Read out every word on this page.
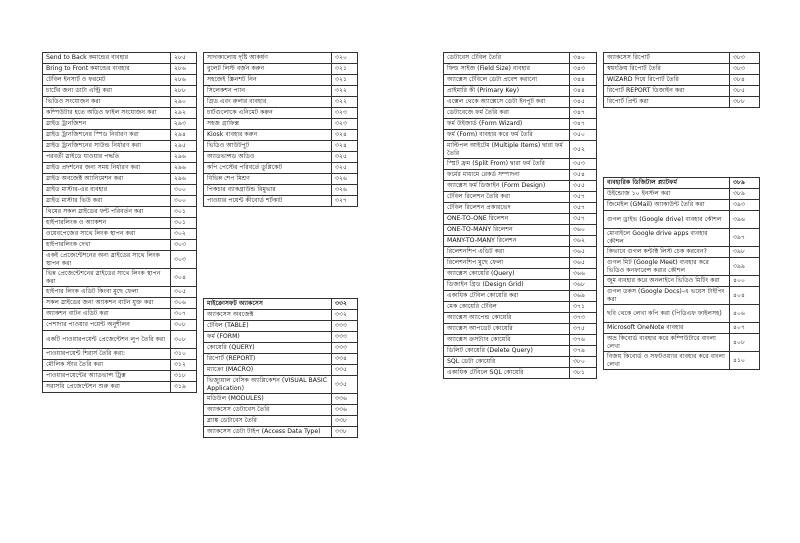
Send to Back কমান্ডের ব্যবহার	২৮৫
Bring to Front কমান্ডের ব্যবহার	২৮৬
টেবিল ইনসার্ট ও ফরমেট	২৮৬
চার্টের জন্য ডাটা এন্ট্রি করা	২৮৮
ভিডিও সংযোজন করা	২৯০
কম্পিউটার হতে অডিও ফাইল সংযোজন করা	২৯২
স্লাইড ট্রানজিশন	২৯৩
স্লাইড ট্রানজিশনের স্পিড নির্ধারণ করা	২৯৪
স্লাইড ট্রানজিশনের সাউন্ড নির্ধারণ করা	২৯৫
পরবর্তী স্লাইডে যাওয়ার পদ্ধতি	২৯৬
স্লাইড প্রদর্শনের জন্য সময় নির্ধারণ করা	২৯৬
স্লাইড অবজেক্ট অ্যানিমেশন করা	২৯৬
স্লাইড মাস্টার-এর ব্যবহার	৩০০
স্লাইড মাস্টার ভিউ করা	৩০০
থিমের সকল স্লাইডের ফন্ট পরিবর্তন করা	৩০১
হাইপারলিংক ও অ্যাকশন	৩০১
ওয়েবপেজের সাথে লিংক স্থাপন করা	৩০২
হাইপারলিংক দেখা	৩০৩
একই প্রেজেন্টেশনের অন্য স্লাইডের সাথে লিংক স্থাপন করা	৩০৩
ভিন্ন প্রেজেন্টেশনের স্লাইডের সাথে লিংক স্থাপন করা	৩০৪
হাইপার লিংক এডিট কিংবা মুছে ফেলা	৩০৫
সকল স্লাইডের জন্য অ্যাকশন বাটন যুক্ত করা	৩০৬
অ্যাকশন বাটন এডিট করা	৩০৭
পেশাদার পাওয়ার পয়েন্ট অনুশীলন	৩০৮
একটি পাওয়ারপয়েন্ট প্রেজেন্টেশন লুপ তৈরি করা	৩০৮
পাওয়ারপয়েন্ট শিরার্স তৈরি করা:	৩১০
মৌলিক স্টার তৈরি করা	৩১২
পাওয়ারপয়েন্টের অ্যাডভান্স ট্রিক্স	৩১৮
সরাসরি প্রেজেন্টেশন শুরু করা	৩১৯
সাদাকালোয় দৃষ্টি আকর্ষণ	৩২০
বুলেট লিস্ট বর্জন করুন	৩২১
সহজেই স্ক্রিনশট নিন	৩২১
সিলেকশন প্যান	৩২২
গ্রিড এবং রুলার ব্যবহার	৩২২
চার্টগুলোকে এনিমেট করুন	৩২৩
সহজ গ্রাফিক্স	৩২৩
Kiosk ব্যবহার করুন	৩২৪
ভিডিও আউটপুট	৩২৪
অ্যাডভান্সড অডিও	৩২৫
কপি পেস্টের পরিবর্তে ডুপ্লিকেট	৩২৫
বিভিন্ন শেপ মিশ্রণ	৩২৬
পিকচার ব্যাকগ্রাউন্ড রিমুভার	৩২৬
পাওয়ার পয়েন্ট কীবোর্ড শর্টকাট	৩২৭
মাইক্রোসফট অ্যাকসেস	৩৩২
অ্যাকসেস অবজেক্ট	৩৩২
টেবিল (TABLE)	৩৩৩
ফর্ম (FORM)	৩৩৩
কোয়েরি (QUERY)	৩৩৩
রিপোর্ট (REPORT)	৩৩৪
ম্যাক্রো (MACRO)	৩৩৫
ভিজ্যুয়াল বেসিক অ্যাপ্লিকেশন (VISUAL BASIC Application)	৩৩৫
মডিউল (MODULES)	৩৩৬
অ্যাকসেস ডেটাবেস তৈরি	৩৩৬
ব্ল্যাঙ্ক ডেটাবেস তৈরি	৩৩৮
অ্যাকসেস ডেটা টাইপ (Access Data Type)	৩৩৮
ডেটাবেস টেবিল তৈরি	৩৪০
ফিল্ড সাইজ (Field Size) ব্যবহার	৩৪৩
অ্যাক্সেস টেবিলে ডেটা প্রবেশ করানো	৩৪৪
প্রাইমারি কী (Primary Key)	৩৪৪
এক্সেল থেকে অ্যাক্সেসে ডেটা ইনপুট করা	৩৪৫
ডেটাবেজে ফর্ম তৈরি করা	৩৪৭
ফর্ম উইজার্ড (Form Wizard)	৩৪৭
ফর্ম (Form) ব্যবহার করে ফর্ম তৈরি	৩৫০
মাল্টিপল আইটেম (Multiple Items) দ্বারা ফর্ম তৈরি	৩৫২
স্প্লিট ফ্রম (Split From) দ্বারা ফর্ম তৈরি	৩৫৩
ফর্মের মাধ্যমে রেকর্ড সম্পাদনা	৩৫৪
অ্যাক্সেস ফর্ম ডিজাইন (Form Design)	৩৫৫
টেবিল রিলেশন তৈরি করা	৩৫৭
টেবিল রিলেশন প্রকারভেদ	৩৫৭
ONE-TO-ONE রিলেশন	৩৫৭
ONE-TO-MANY রিলেশন	৩৬০
MANY-TO-MANY রিলেশন	৩৬২
রিলেশনশিপ এডিট করা	৩৬৫
রিলেশনশিপ মুছে ফেলা	৩৬৫
অ্যাক্সেস কোয়েরি (Query)	৩৬৬
ডিজাইন গ্রিড (Design Grid)	৩৬৮
একাধিক টেবিল কোয়েরি করা	৩৬৯
মেক কোয়েরি টেবিল	৩৭১
অ্যাক্সেস অ্যাপেন্ড কোয়েরি	৩৭৩
অ্যাক্সেস আপডেট কোয়েরি	৩৭৫
অ্যাক্সেস ক্রসট্যাব কোয়েরি	৩৭৬
ডিলিট কোয়েরি (Delete Query)	৩৭৯
SQL ডেটা কোয়েরি	৩৮০
একাধিক টেবিলে SQL কোয়েরি	৩৮১
অ্যাকসেস রিপোর্ট	৩৮৩
স্বয়ংক্রিয় রিপোর্ট তৈরি	৩৮৩
WIZARD দিয়ে রিপোর্ট তৈরি	৩৮৪
রিপোর্ট REPORT ডিজাইন করা	৩৮৫
রিপোর্ট প্রিন্ট করা	৩৮৮
ব্যবহারিক ডিজিটাল প্ল্যাটফর্ম	৩৮৯
উইন্ডোজ ১০ ইনস্টল করা	৩৮৯
জিমেইল (GMail) অ্যাকাউন্ট তৈরি করা	৩৯৩
গুগল ড্রাইভ (Google drive) ব্যবহার কৌশল	৩৯৬
মোবাইলে Google drive apps ব্যবহার কৌশল	৩৯৭
কিভাবে গুগল কন্টাক্ট লিস্ট চেক করবেন?	৩৯৮
গুগল মিট (Google Meet) ব্যবহার করে ভিডিও কনফারেন্স করার কৌশল	৩৯৯
জুম ব্যবহার করে অনলাইনে ভিডিও মিটিং করা	৪০০
গুগল ডকস (Google Docs)-এ ভয়েস টাইপিং করা	৪০৪
ছবি থেকে লেখা কপি করা (পিডিএফ ফাইলসহ)	৪০৬
Microsoft OneNote ব্যবহার	৪০৭
অভ্র কিবোর্ড ব্যবহার করে কম্পিউটারে বাংলা লেখা	৪০৮
বিজয় কিবোর্ড ও সফটওয়্যার ব্যবহার করে বাংলা লেখা	৪১০
